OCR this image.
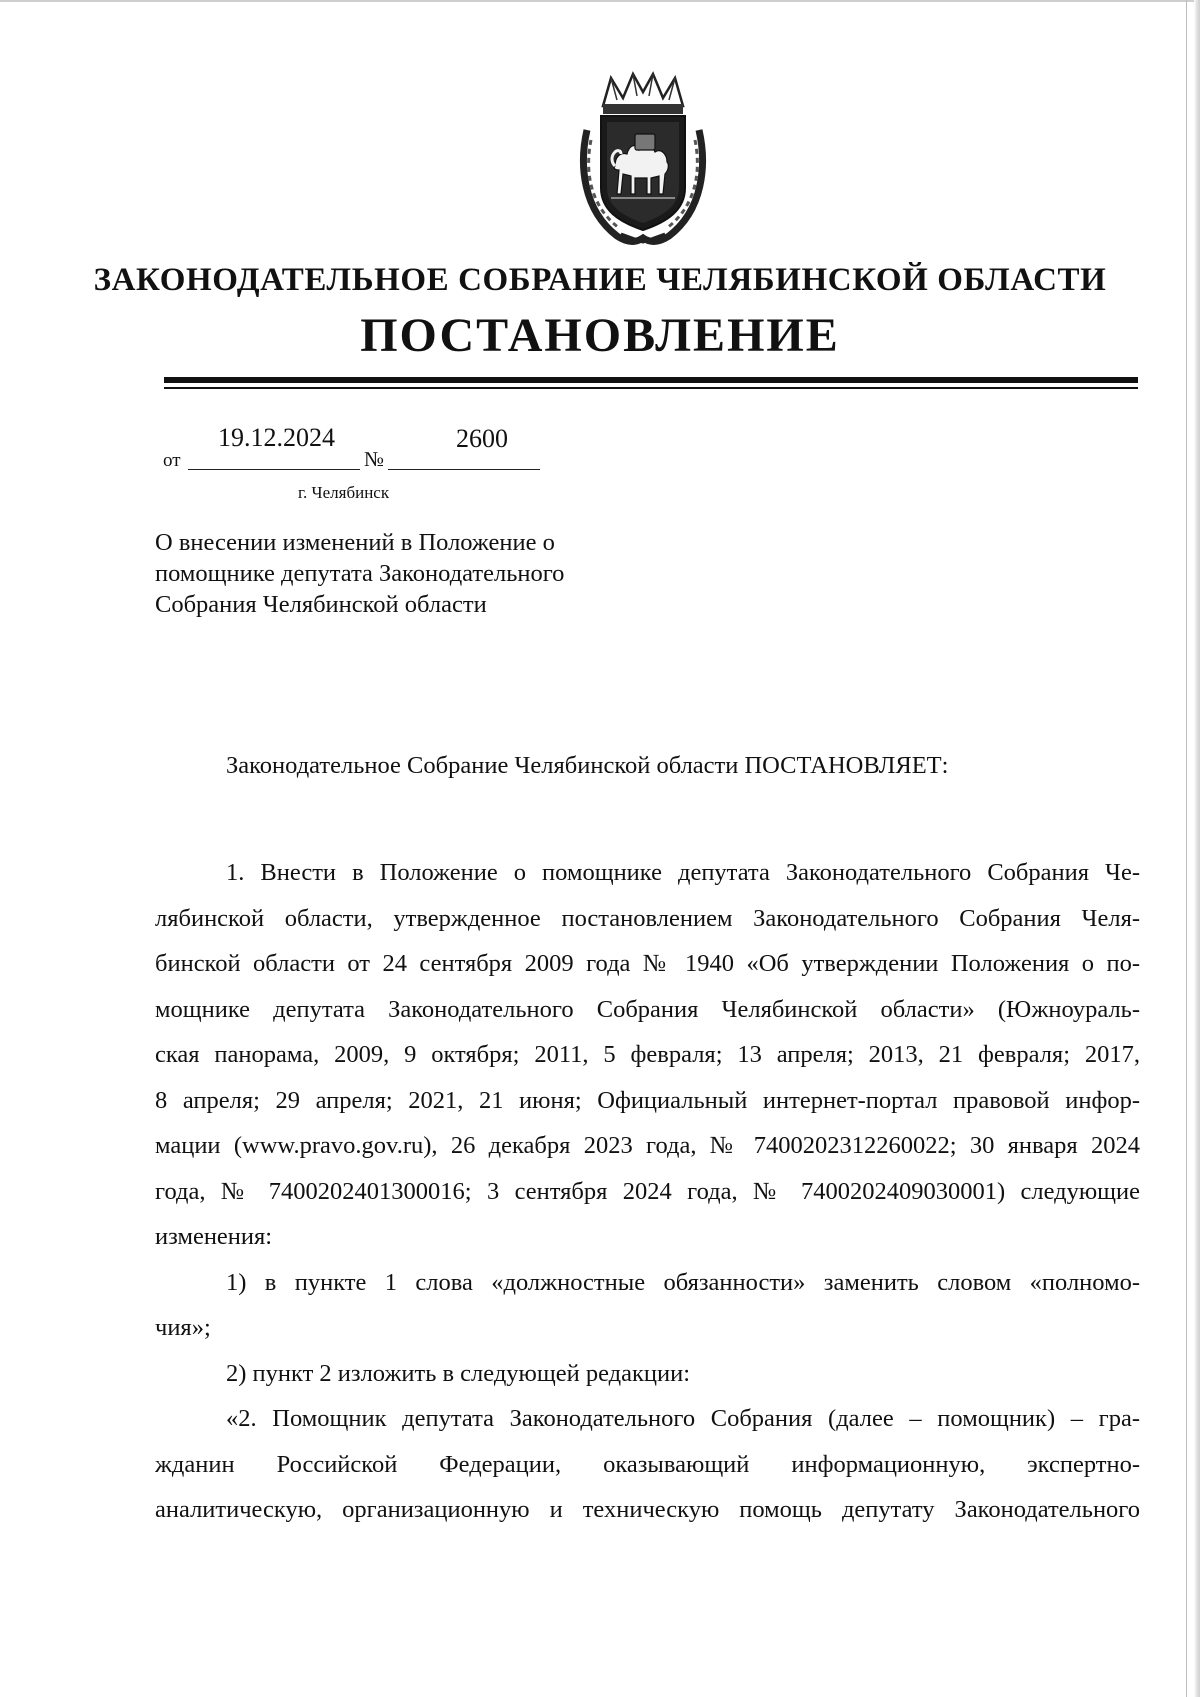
ЗАКОНОДАТЕЛЬНОЕ СОБРАНИЕ ЧЕЛЯБИНСКОЙ ОБЛАСТИ
ПОСТАНОВЛЕНИЕ
от
19.12.2024
№
2600
г. Челябинск
О внесении изменений в Положение о
помощнике депутата Законодательного
Собрания Челябинской области
Законодательное Собрание Челябинской области ПОСТАНОВЛЯЕТ:
1. Внести в Положение о помощнике депутата Законодательного Собрания Че-
лябинской области, утвержденное постановлением Законодательного Собрания Челя-
бинской области от 24 сентября 2009 года № 1940 «Об утверждении Положения о по-
мощнике депутата Законодательного Собрания Челябинской области» (Южноураль-
ская панорама, 2009, 9 октября; 2011, 5 февраля; 13 апреля; 2013, 21 февраля; 2017,
8 апреля; 29 апреля; 2021, 21 июня; Официальный интернет-портал правовой инфор-
мации (www.pravo.gov.ru), 26 декабря 2023 года, № 7400202312260022; 30 января 2024
года, № 7400202401300016; 3 сентября 2024 года, № 7400202409030001) следующие
изменения:
1) в пункте 1 слова «должностные обязанности» заменить словом «полномо-
чия»;
2) пункт 2 изложить в следующей редакции:
«2. Помощник депутата Законодательного Собрания (далее – помощник) – гра-
жданин Российской Федерации, оказывающий информационную, экспертно-
аналитическую, организационную и техническую помощь депутату Законодательного
